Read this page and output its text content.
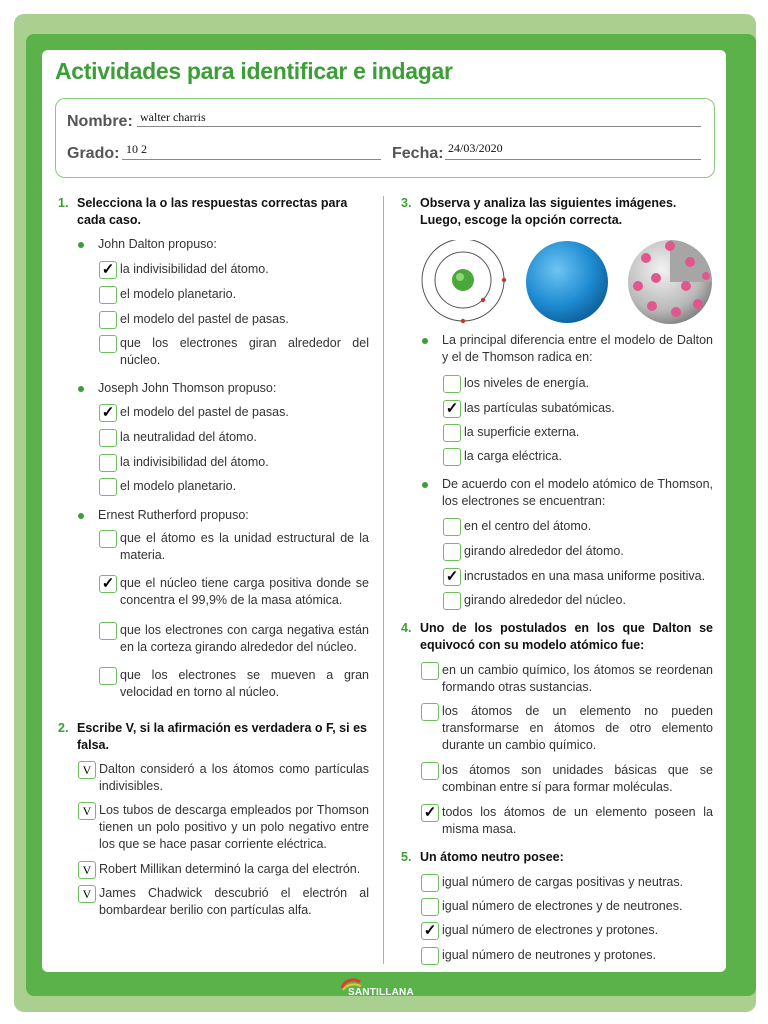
Actividades para identificar e indagar
Nombre: walter charris
Grado: 10 2	Fecha: 24/03/2020
1. Selecciona la o las respuestas correctas para cada caso.
John Dalton propuso:
✓ la indivisibilidad del átomo.
el modelo planetario.
el modelo del pastel de pasas.
que los electrones giran alrededor del núcleo.
Joseph John Thomson propuso:
✓ el modelo del pastel de pasas.
la neutralidad del átomo.
la indivisibilidad del átomo.
el modelo planetario.
Ernest Rutherford propuso:
que el átomo es la unidad estructural de la materia.
✓ que el núcleo tiene carga positiva donde se concentra el 99,9% de la masa atómica.
que los electrones con carga negativa están en la corteza girando alrededor del núcleo.
que los electrones se mueven a gran velocidad en torno al núcleo.
2. Escribe V, si la afirmación es verdadera o F, si es falsa.
V Dalton consideró a los átomos como partículas indivisibles.
V Los tubos de descarga empleados por Thomson tienen un polo positivo y un polo negativo entre los que se hace pasar corriente eléctrica.
V Robert Millikan determinó la carga del electrón.
V James Chadwick descubrió el electrón al bombardear berilio con partículas alfa.
3. Observa y analiza las siguientes imágenes. Luego, escoge la opción correcta.
La principal diferencia entre el modelo de Dalton y el de Thomson radica en:
los niveles de energía.
✓ las partículas subatómicas.
la superficie externa.
la carga eléctrica.
De acuerdo con el modelo atómico de Thomson, los electrones se encuentran:
en el centro del átomo.
girando alrededor del átomo.
✓ incrustados en una masa uniforme positiva.
girando alrededor del núcleo.
4. Uno de los postulados en los que Dalton se equivocó con su modelo atómico fue:
en un cambio químico, los átomos se reordenan formando otras sustancias.
los átomos de un elemento no pueden transformarse en átomos de otro elemento durante un cambio químico.
los átomos son unidades básicas que se combinan entre sí para formar moléculas.
✓ todos los átomos de un elemento poseen la misma masa.
5. Un átomo neutro posee:
igual número de cargas positivas y neutras.
igual número de electrones y de neutrones.
✓ igual número de electrones y protones.
igual número de neutrones y protones.
SANTILLANA
